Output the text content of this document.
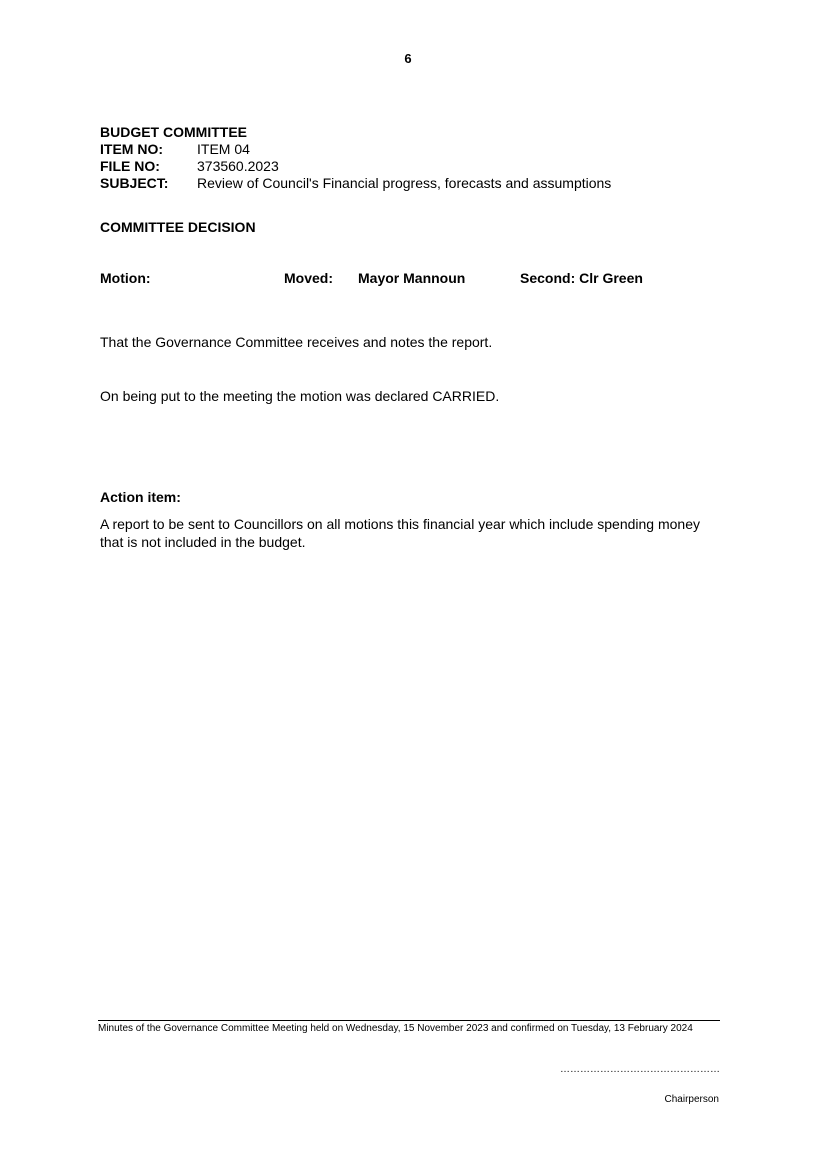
6
BUDGET COMMITTEE
ITEM NO:	ITEM 04
FILE NO:	373560.2023
SUBJECT:	Review of Council's Financial progress, forecasts and assumptions
COMMITTEE DECISION
Motion:	Moved: Mayor Mannoun	Second: Clr Green
That the Governance Committee receives and notes the report.
On being put to the meeting the motion was declared CARRIED.
Action item:
A report to be sent to Councillors on all motions this financial year which include spending money that is not included in the budget.
Minutes of the Governance Committee Meeting held on Wednesday, 15 November 2023 and confirmed on Tuesday, 13 February 2024
…………………………………………
Chairperson
